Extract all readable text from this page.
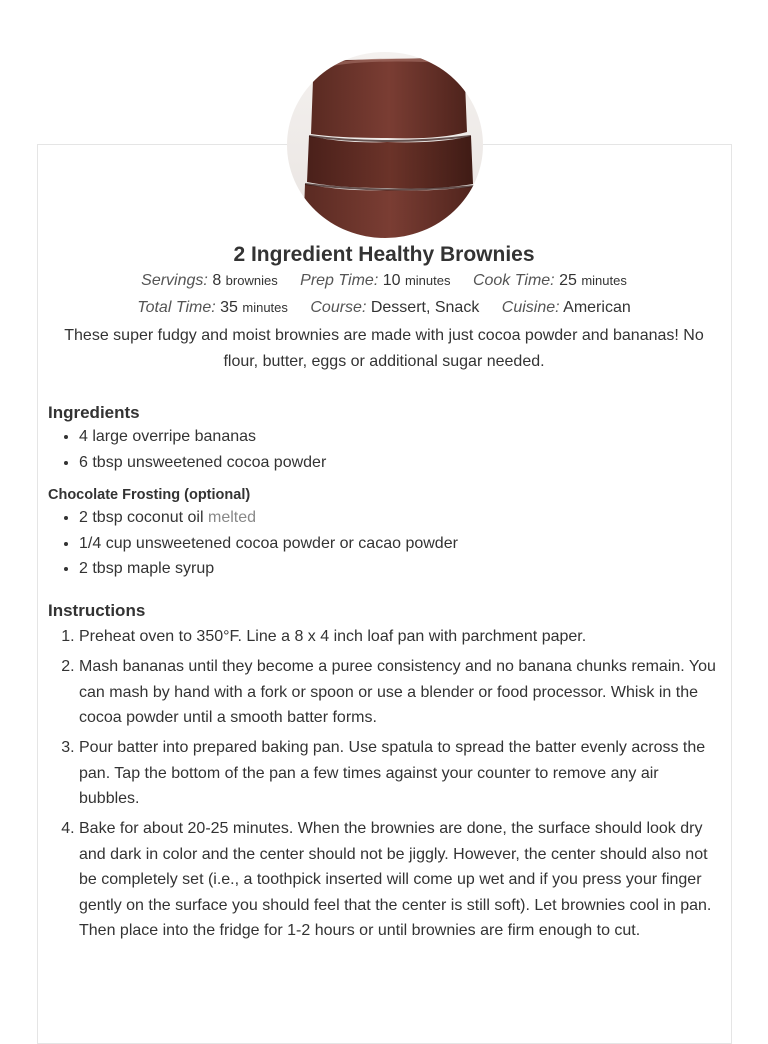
2 Ingredient Healthy Brownies
Servings: 8 brownies Prep Time: 10 minutes Cook Time: 25 minutes
Total Time: 35 minutes Course: Dessert, Snack Cuisine: American
These super fudgy and moist brownies are made with just cocoa powder and bananas! No flour, butter, eggs or additional sugar needed.
Ingredients
• 4 large overripe bananas
• 6 tbsp unsweetened cocoa powder
Chocolate Frosting (optional)
• 2 tbsp coconut oil melted
• 1/4 cup unsweetened cocoa powder or cacao powder
• 2 tbsp maple syrup
Instructions
1. Preheat oven to 350°F. Line a 8 x 4 inch loaf pan with parchment paper.
2. Mash bananas until they become a puree consistency and no banana chunks remain. You can mash by hand with a fork or spoon or use a blender or food processor. Whisk in the cocoa powder until a smooth batter forms.
3. Pour batter into prepared baking pan. Use spatula to spread the batter evenly across the pan. Tap the bottom of the pan a few times against your counter to remove any air bubbles.
4. Bake for about 20-25 minutes. When the brownies are done, the surface should look dry and dark in color and the center should not be jiggly. However, the center should also not be completely set (i.e., a toothpick inserted will come up wet and if you press your finger gently on the surface you should feel that the center is still soft). Let brownies cool in pan. Then place into the fridge for 1-2 hours or until brownies are firm enough to cut.
